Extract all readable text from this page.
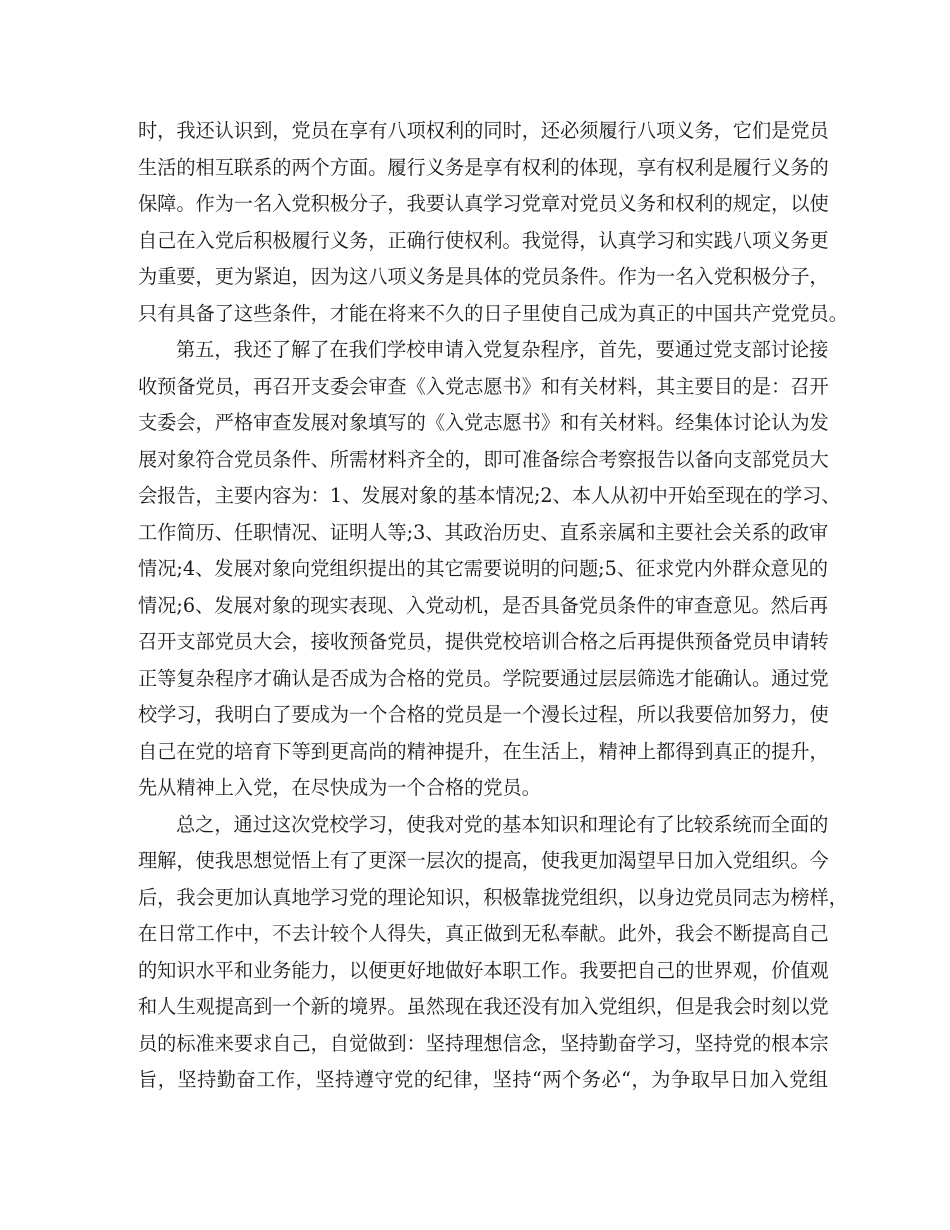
时，我还认识到，党员在享有八项权利的同时，还必须履行八项义务，它们是党员
生活的相互联系的两个方面。履行义务是享有权利的体现，享有权利是履行义务的
保障。作为一名入党积极分子，我要认真学习党章对党员义务和权利的规定，以使
自己在入党后积极履行义务，正确行使权利。我觉得，认真学习和实践八项义务更
为重要，更为紧迫，因为这八项义务是具体的党员条件。作为一名入党积极分子，
只有具备了这些条件，才能在将来不久的日子里使自己成为真正的中国共产党党员。
第五，我还了解了在我们学校申请入党复杂程序，首先，要通过党支部讨论接
收预备党员，再召开支委会审查《入党志愿书》和有关材料，其主要目的是：召开
支委会，严格审查发展对象填写的《入党志愿书》和有关材料。经集体讨论认为发
展对象符合党员条件、所需材料齐全的，即可准备综合考察报告以备向支部党员大
会报告，主要内容为：1、发展对象的基本情况;2、本人从初中开始至现在的学习、
工作简历、任职情况、证明人等;3、其政治历史、直系亲属和主要社会关系的政审
情况;4、发展对象向党组织提出的其它需要说明的问题;5、征求党内外群众意见的
情况;6、发展对象的现实表现、入党动机，是否具备党员条件的审查意见。然后再
召开支部党员大会，接收预备党员，提供党校培训合格之后再提供预备党员申请转
正等复杂程序才确认是否成为合格的党员。学院要通过层层筛选才能确认。通过党
校学习，我明白了要成为一个合格的党员是一个漫长过程，所以我要倍加努力，使
自己在党的培育下等到更高尚的精神提升，在生活上，精神上都得到真正的提升，
先从精神上入党，在尽快成为一个合格的党员。
总之，通过这次党校学习，使我对党的基本知识和理论有了比较系统而全面的
理解，使我思想觉悟上有了更深一层次的提高，使我更加渴望早日加入党组织。今
后，我会更加认真地学习党的理论知识，积极靠拢党组织，以身边党员同志为榜样，
在日常工作中，不去计较个人得失，真正做到无私奉献。此外，我会不断提高自己
的知识水平和业务能力，以便更好地做好本职工作。我要把自己的世界观，价值观
和人生观提高到一个新的境界。虽然现在我还没有加入党组织，但是我会时刻以党
员的标准来要求自己，自觉做到：坚持理想信念，坚持勤奋学习，坚持党的根本宗
旨，坚持勤奋工作，坚持遵守党的纪律，坚持“两个务必“，为争取早日加入党组
